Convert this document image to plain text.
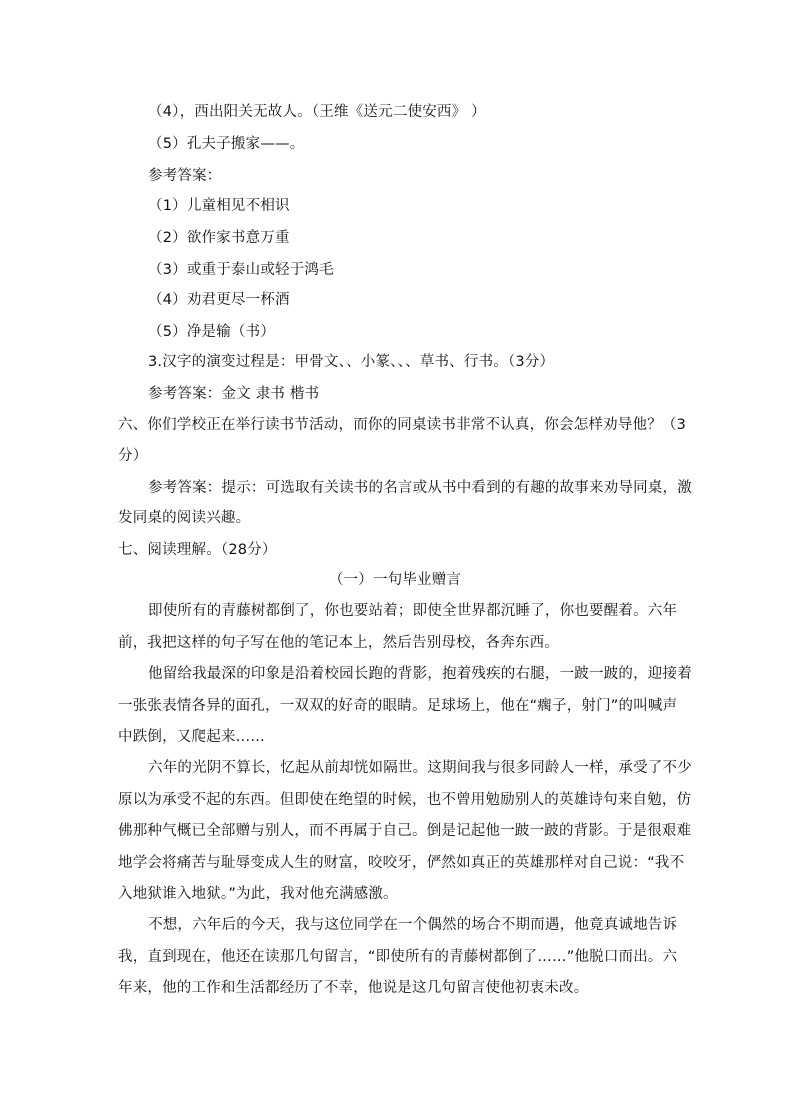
（4），西出阳关无故人。（王维《送元二使安西》 ）
（5）孔夫子搬家——。
参考答案：
（1）儿童相见不相识
（2）欲作家书意万重
（3）或重于泰山或轻于鸿毛
（4）劝君更尽一杯酒
（5）净是输（书）
3.汉字的演变过程是：甲骨文、、小篆、、、草书、行书。（3分）
参考答案：金文 隶书 楷书
六、你们学校正在举行读书节活动，而你的同桌读书非常不认真，你会怎样劝导他？（3
分）
参考答案：提示：可选取有关读书的名言或从书中看到的有趣的故事来劝导同桌，激
发同桌的阅读兴趣。
七、阅读理解。（28分）
（一）一句毕业赠言
即使所有的青藤树都倒了，你也要站着；即使全世界都沉睡了，你也要醒着。六年
前，我把这样的句子写在他的笔记本上，然后告别母校，各奔东西。
他留给我最深的印象是沿着校园长跑的背影，抱着残疾的右腿，一跛一跛的，迎接着
一张张表情各异的面孔，一双双的好奇的眼睛。足球场上，他在“瘸子，射门”的叫喊声
中跌倒，又爬起来……
六年的光阴不算长，忆起从前却恍如隔世。这期间我与很多同龄人一样，承受了不少
原以为承受不起的东西。但即使在绝望的时候，也不曾用勉励别人的英雄诗句来自勉，仿
佛那种气概已全部赠与别人，而不再属于自己。倒是记起他一跛一跛的背影。于是很艰难
地学会将痛苦与耻辱变成人生的财富，咬咬牙，俨然如真正的英雄那样对自己说：“我不
入地狱谁入地狱。”为此，我对他充满感激。
不想，六年后的今天，我与这位同学在一个偶然的场合不期而遇，他竟真诚地告诉
我，直到现在，他还在读那几句留言，“即使所有的青藤树都倒了……”他脱口而出。六
年来，他的工作和生活都经历了不幸，他说是这几句留言使他初衷未改。
